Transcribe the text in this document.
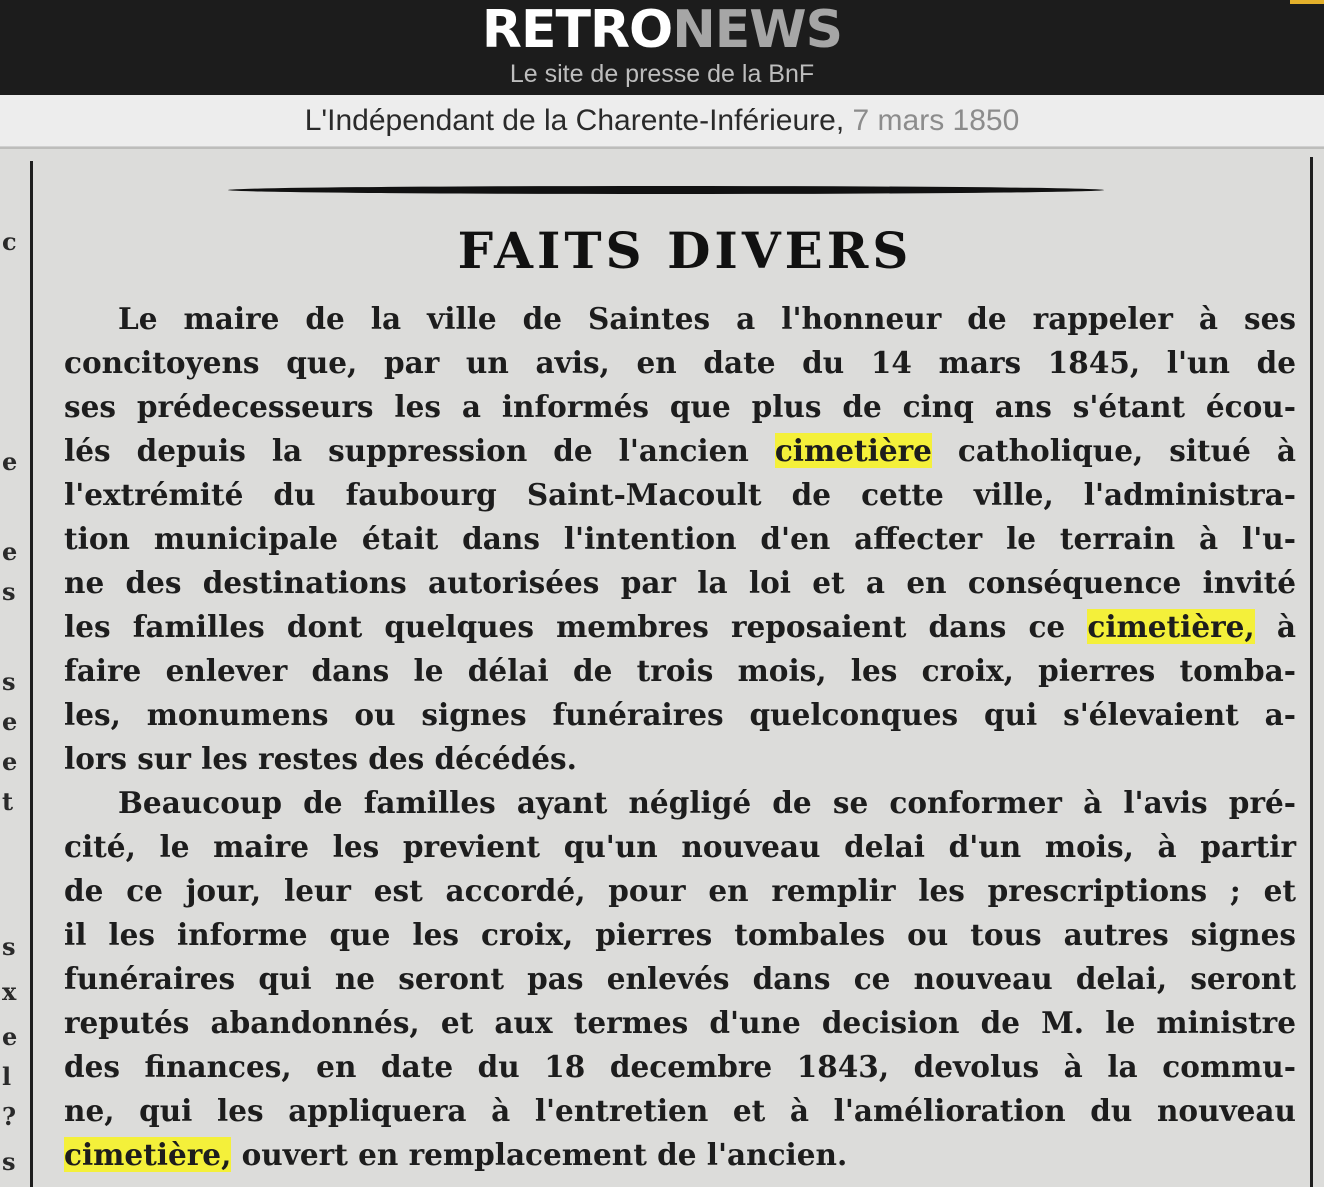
RETRONEWS
Le site de presse de la BnF
L'Indépendant de la Charente-Inférieure, 7 mars 1850
c
e
e
s
s
e
e
t
s
x
e
l
?
s
FAITS DIVERS
Le maire de la ville de Saintes a l'honneur de rappeler à ses
concitoyens que, par un avis, en date du 14 mars 1845, l'un de
ses prédecesseurs les a informés que plus de cinq ans s'étant écou-
lés depuis la suppression de l'ancien cimetière catholique, situé à
l'extrémité du faubourg Saint-Macoult de cette ville, l'administra-
tion municipale était dans l'intention d'en affecter le terrain à l'u-
ne des destinations autorisées par la loi et a en conséquence invité
les familles dont quelques membres reposaient dans ce cimetière, à
faire enlever dans le délai de trois mois, les croix, pierres tomba-
les, monumens ou signes funéraires quelconques qui s'élevaient a-
lors sur les restes des décédés.
Beaucoup de familles ayant négligé de se conformer à l'avis pré-
cité, le maire les previent qu'un nouveau delai d'un mois, à partir
de ce jour, leur est accordé, pour en remplir les prescriptions ; et
il les informe que les croix, pierres tombales ou tous autres signes
funéraires qui ne seront pas enlevés dans ce nouveau delai, seront
reputés abandonnés, et aux termes d'une decision de M. le ministre
des finances, en date du 18 decembre 1843, devolus à la commu-
ne, qui les appliquera à l'entretien et à l'amélioration du nouveau
cimetière, ouvert en remplacement de l'ancien.
